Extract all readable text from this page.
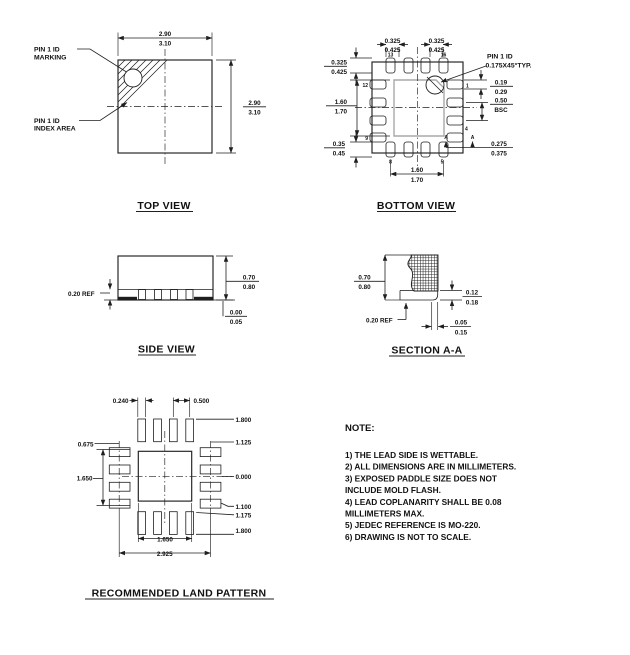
2.90
3.10
2.90
3.10
PIN 1 ID
MARKING
PIN 1 ID
INDEX AREA
TOP VIEW
13	16
12
9
1
4
8	5
0.325
0.425
0.325
0.425
0.325
0.425
1.60
1.70
0.35
0.45
1.60
1.70
0.19
0.29
0.50
BSC
A	A
0.275
0.375
PIN 1 ID
0.175X45°TYP.
BOTTOM VIEW
0.20 REF
0.70
0.80
0.00
0.05
SIDE VIEW
0.12
0.18
0.70
0.80
0.20 REF	0.05
0.15
SECTION A-A
0.240	0.500
1.800
1.125
0.000
1.100
1.175
1.800
0.675
1.650
1.650
2.925
RECOMMENDED LAND PATTERN
NOTE:
1) THE LEAD SIDE IS WETTABLE.
2) ALL DIMENSIONS ARE IN MILLIMETERS.
3) EXPOSED PADDLE SIZE DOES NOT
INCLUDE MOLD FLASH.
4) LEAD COPLANARITY SHALL BE 0.08
MILLIMETERS MAX.
5) JEDEC REFERENCE IS MO-220.
6) DRAWING IS NOT TO SCALE.
